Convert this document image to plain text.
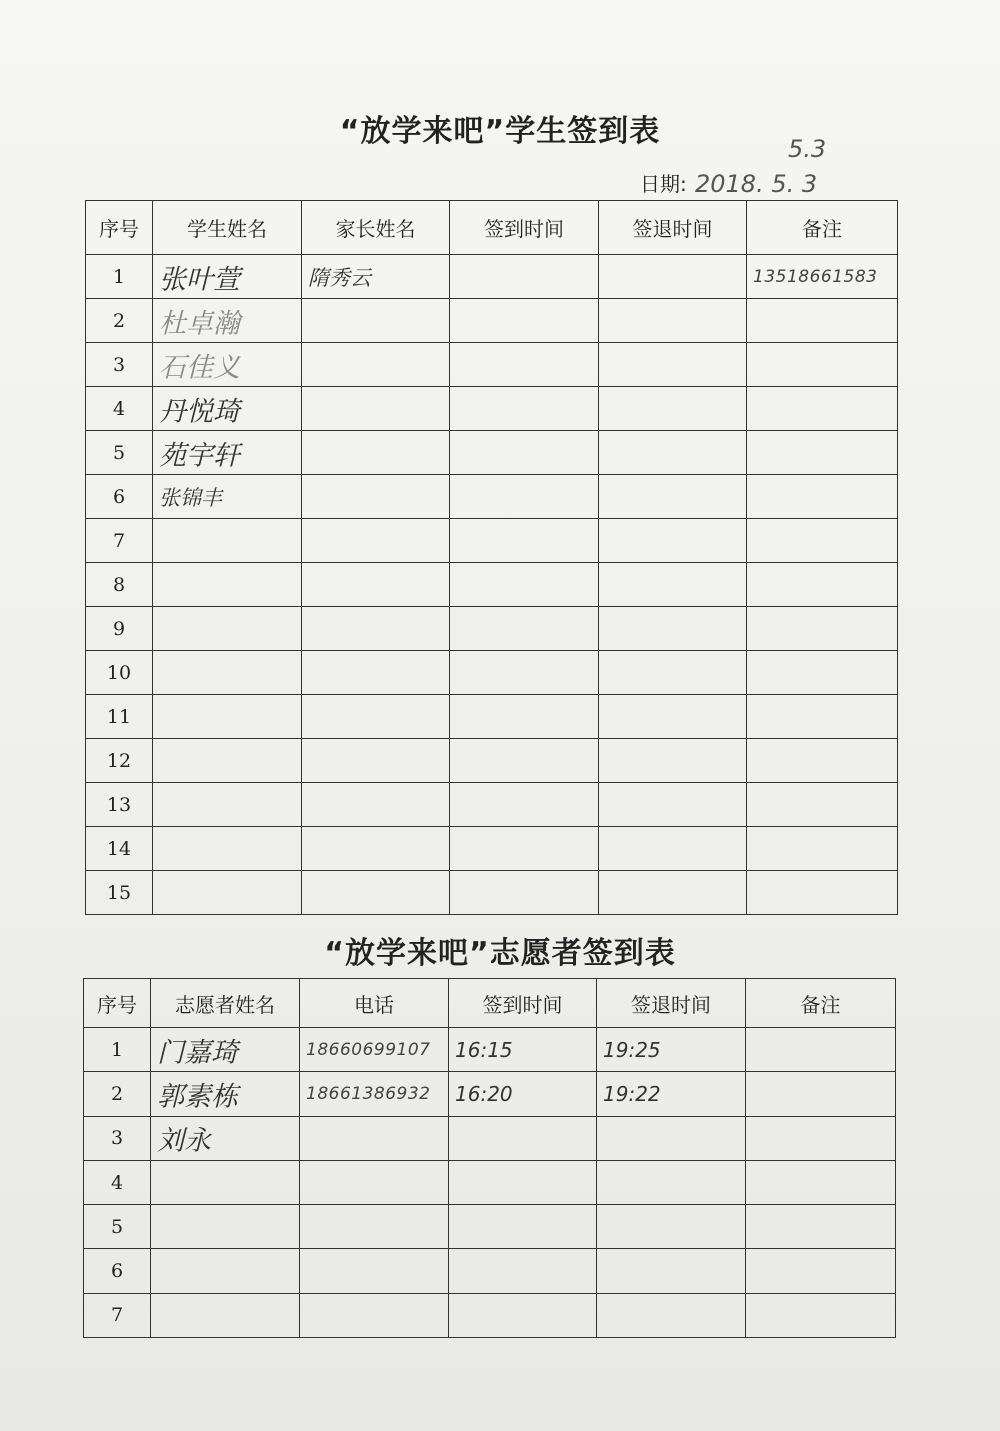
“放学来吧”学生签到表
日期: 2018. 5. 3
5.3
序号	学生姓名	家长姓名	签到时间	签退时间	备注
1	张叶萱	隋秀云			13518661583

2	杜卓瀚				

3	石佳义				

4	丹悦琦				

5	苑宇轩				

6	张锦丰				

7	

8	

9	

10	

11	

12	

13	

14	

15	

“放学来吧”志愿者签到表
序号	志愿者姓名	电话	签到时间	签退时间	备注
1	门嘉琦	18660699107	16:15	19:25	

2	郭素栋	18661386932	16:20	19:22	

3	刘永				

4	

5	

6	

7	
